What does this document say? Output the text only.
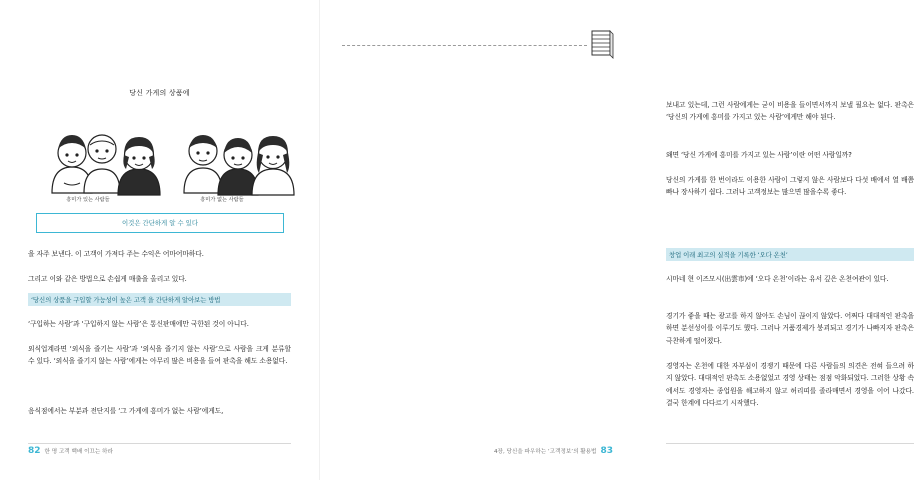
당신 가게의 상품에
흥미가 있는 사람들	흥미가 없는 사람들
이것은 간단하게 알 수 있다

을 자주 보낸다. 이 고객이 가져다 주는 수익은 어마어마하다.

그리고 이와 같은 방법으로 손쉽게 매출을 올리고 있다.

‘당신의 상품을 구입할 가능성이 높은 고객 을 간단하게 알아보는 방법

‘구입하는 사람’과 ‘구입하지 않는 사람’은 통신판매에만 국한된 것이 아니다.

외식업계라면 ‘외식을 즐기는 사람’과 ‘외식을 즐기지 않는 사람’으로 사람을 크게 분류할 수 있다. ‘외식을 즐기지 않는 사람’에게는 아무리 많은 비용을 들여 판촉을 해도 소용없다.

음식점에서는 부분과 전단지를 ‘그 가게에 흥미가 없는 사람’에게도,

82 한 명 고객 백배 이끄는 하라

보내고 있는데, 그런 사람에게는 굳이 비용을 들이면서까지 보낼 필요는 없다. 판촉은 ‘당신의 가게에 흥미를 가지고 있는 사람’에게만 해야 된다.

왜면 ‘당신 가게에 흥미를 가지고 있는 사람’이란 어떤 사람일까?

당신의 가게를 한 번이라도 이용한 사람이 그렇지 않은 사람보다 다섯 배에서 열 배쯤 빠나 장사하기 쉽다. 그러나 고객정보는 많으면 많을수록 좋다.

창업 이래 최고의 실적을 기록한 ‘오다 온천’

시마네 현 이즈모시(出雲市)에 ‘오다 온천’이라는 유서 깊은 온천여관이 있다.

경기가 좋을 때는 광고를 하지 않아도 손님이 끊이지 않았다. 어쩌다 대대적인 판촉을 하면 분선성이를 이루기도 했다. 그러나 거품경제가 붕괴되고 경기가 나빠지자 판촉은 극찬하게 떨어졌다.

경영자는 온천에 대한 자부심이 경쟁기 때문에 다른 사람들의 의견은 전혀 들으려 하지 않았다. 대대적인 판촉도 소용없었고 경영 상태는 점점 악화되었다. 그러한 상황 속에서도 경영자는 종업원을 해고하지 않고 허리띠를 졸라매면서 경영을 이어 나갔다. 결국 한계에 다다르기 시작했다.

4장, 당신을 파우하는 ‘고객정보’의 활용법 83
